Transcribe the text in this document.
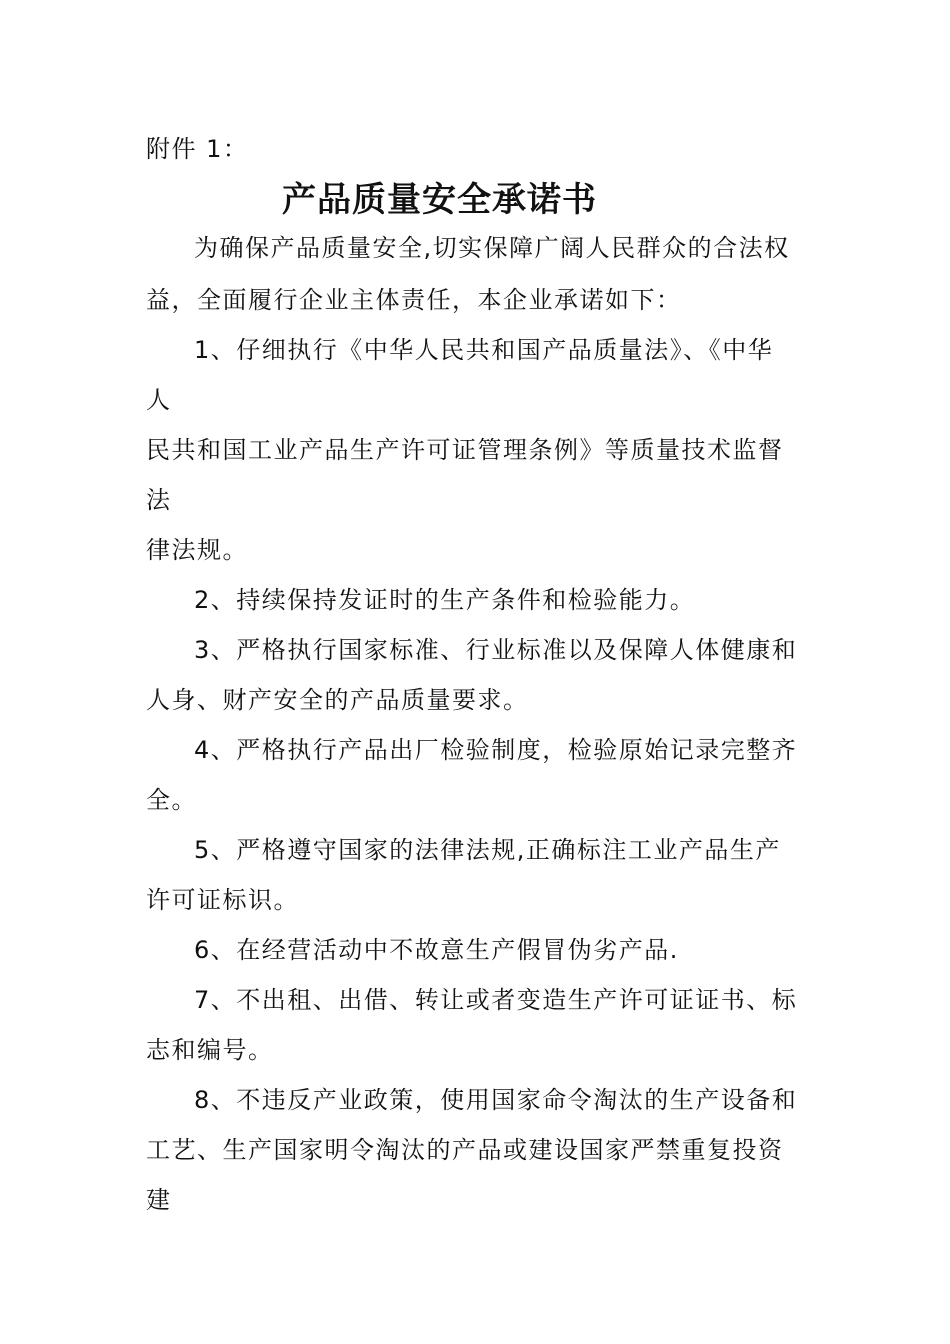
附件 1：
产品质量安全承诺书
为确保产品质量安全,切实保障广阔人民群众的合法权
益，全面履行企业主体责任，本企业承诺如下：
1、仔细执行《中华人民共和国产品质量法》、《中华
人
民共和国工业产品生产许可证管理条例》等质量技术监督
法
律法规。
2、持续保持发证时的生产条件和检验能力。
3、严格执行国家标准、行业标准以及保障人体健康和
人身、财产安全的产品质量要求。
4、严格执行产品出厂检验制度，检验原始记录完整齐
全。
5、严格遵守国家的法律法规,正确标注工业产品生产
许可证标识。
6、在经营活动中不故意生产假冒伪劣产品.
7、不出租、出借、转让或者变造生产许可证证书、标
志和编号。
8、不违反产业政策，使用国家命令淘汰的生产设备和
工艺、生产国家明令淘汰的产品或建设国家严禁重复投资
建
